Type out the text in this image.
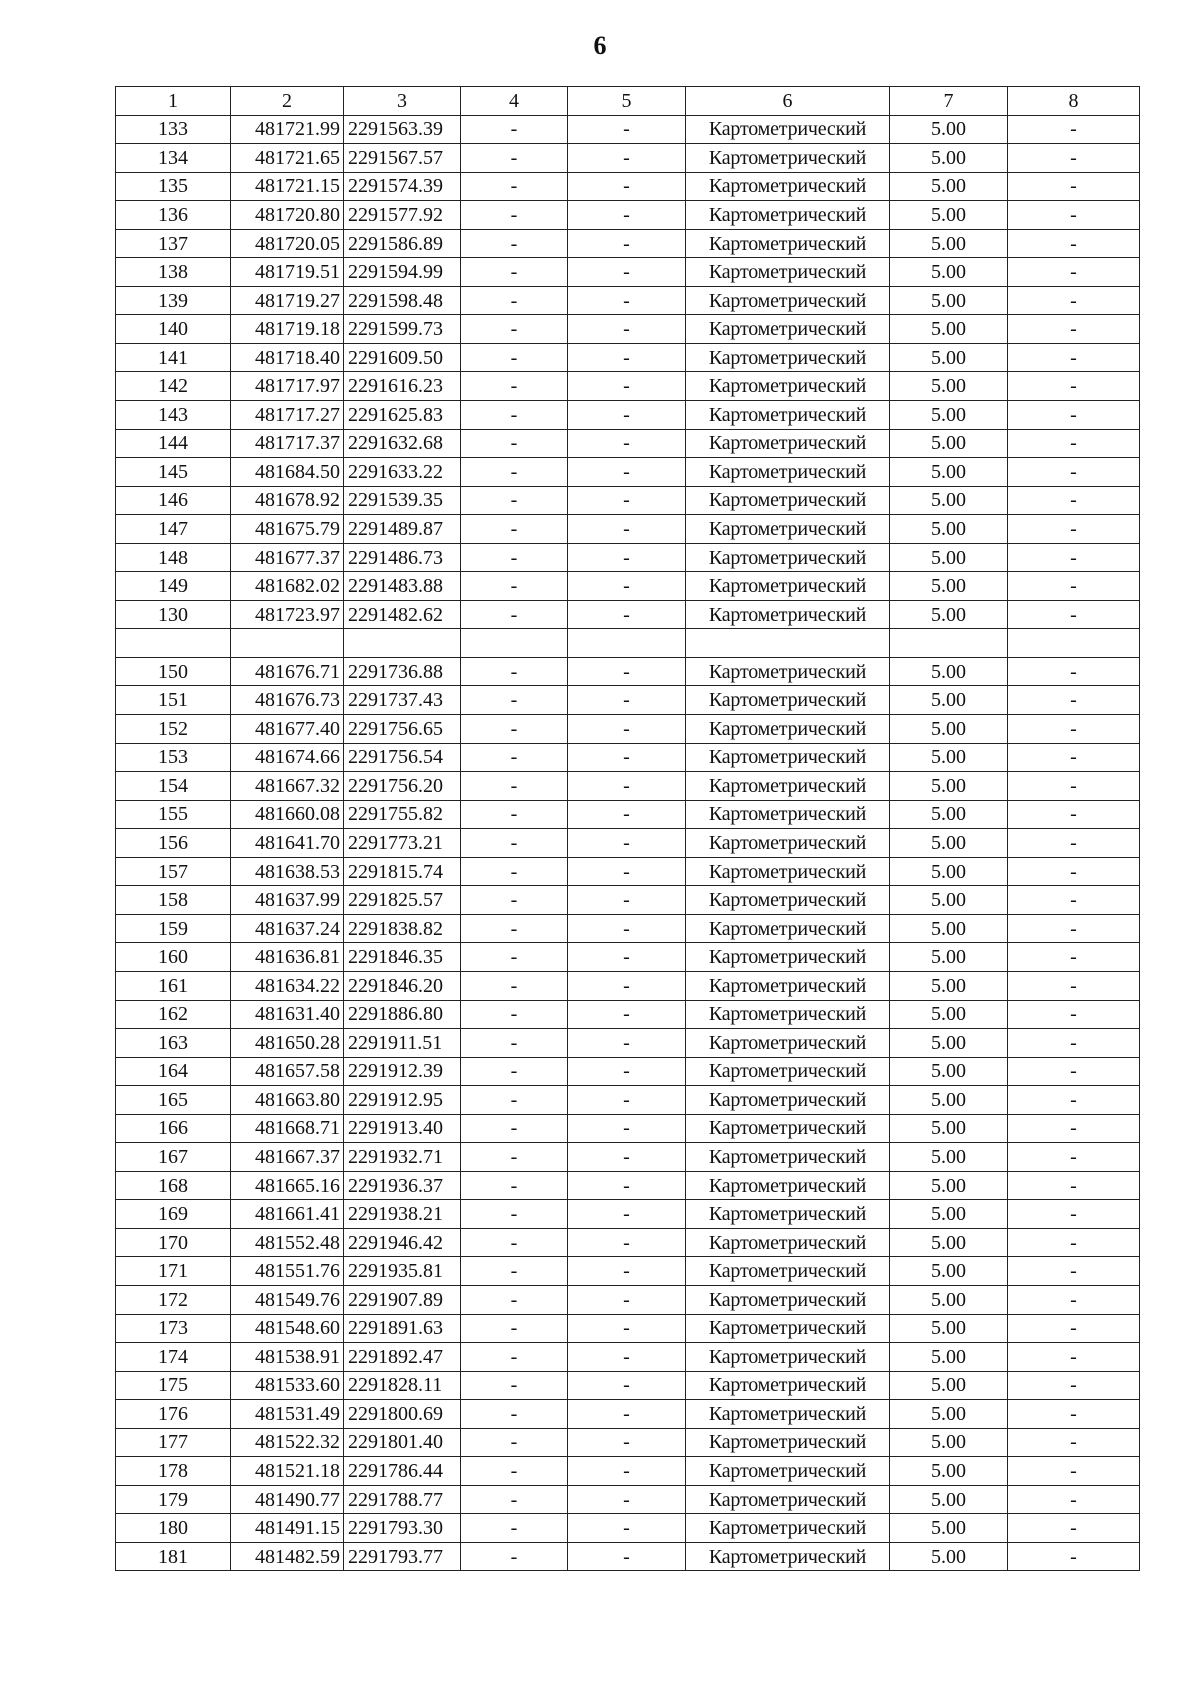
6
1	2	3	4	5	6	7	8
133	481721.99	2291563.39	-	-	Картометрический	5.00	-
134	481721.65	2291567.57	-	-	Картометрический	5.00	-
135	481721.15	2291574.39	-	-	Картометрический	5.00	-
136	481720.80	2291577.92	-	-	Картометрический	5.00	-
137	481720.05	2291586.89	-	-	Картометрический	5.00	-
138	481719.51	2291594.99	-	-	Картометрический	5.00	-
139	481719.27	2291598.48	-	-	Картометрический	5.00	-
140	481719.18	2291599.73	-	-	Картометрический	5.00	-
141	481718.40	2291609.50	-	-	Картометрический	5.00	-
142	481717.97	2291616.23	-	-	Картометрический	5.00	-
143	481717.27	2291625.83	-	-	Картометрический	5.00	-
144	481717.37	2291632.68	-	-	Картометрический	5.00	-
145	481684.50	2291633.22	-	-	Картометрический	5.00	-
146	481678.92	2291539.35	-	-	Картометрический	5.00	-
147	481675.79	2291489.87	-	-	Картометрический	5.00	-
148	481677.37	2291486.73	-	-	Картометрический	5.00	-
149	481682.02	2291483.88	-	-	Картометрический	5.00	-
130	481723.97	2291482.62	-	-	Картометрический	5.00	-

150	481676.71	2291736.88	-	-	Картометрический	5.00	-
151	481676.73	2291737.43	-	-	Картометрический	5.00	-
152	481677.40	2291756.65	-	-	Картометрический	5.00	-
153	481674.66	2291756.54	-	-	Картометрический	5.00	-
154	481667.32	2291756.20	-	-	Картометрический	5.00	-
155	481660.08	2291755.82	-	-	Картометрический	5.00	-
156	481641.70	2291773.21	-	-	Картометрический	5.00	-
157	481638.53	2291815.74	-	-	Картометрический	5.00	-
158	481637.99	2291825.57	-	-	Картометрический	5.00	-
159	481637.24	2291838.82	-	-	Картометрический	5.00	-
160	481636.81	2291846.35	-	-	Картометрический	5.00	-
161	481634.22	2291846.20	-	-	Картометрический	5.00	-
162	481631.40	2291886.80	-	-	Картометрический	5.00	-
163	481650.28	2291911.51	-	-	Картометрический	5.00	-
164	481657.58	2291912.39	-	-	Картометрический	5.00	-
165	481663.80	2291912.95	-	-	Картометрический	5.00	-
166	481668.71	2291913.40	-	-	Картометрический	5.00	-
167	481667.37	2291932.71	-	-	Картометрический	5.00	-
168	481665.16	2291936.37	-	-	Картометрический	5.00	-
169	481661.41	2291938.21	-	-	Картометрический	5.00	-
170	481552.48	2291946.42	-	-	Картометрический	5.00	-
171	481551.76	2291935.81	-	-	Картометрический	5.00	-
172	481549.76	2291907.89	-	-	Картометрический	5.00	-
173	481548.60	2291891.63	-	-	Картометрический	5.00	-
174	481538.91	2291892.47	-	-	Картометрический	5.00	-
175	481533.60	2291828.11	-	-	Картометрический	5.00	-
176	481531.49	2291800.69	-	-	Картометрический	5.00	-
177	481522.32	2291801.40	-	-	Картометрический	5.00	-
178	481521.18	2291786.44	-	-	Картометрический	5.00	-
179	481490.77	2291788.77	-	-	Картометрический	5.00	-
180	481491.15	2291793.30	-	-	Картометрический	5.00	-
181	481482.59	2291793.77	-	-	Картометрический	5.00	-
